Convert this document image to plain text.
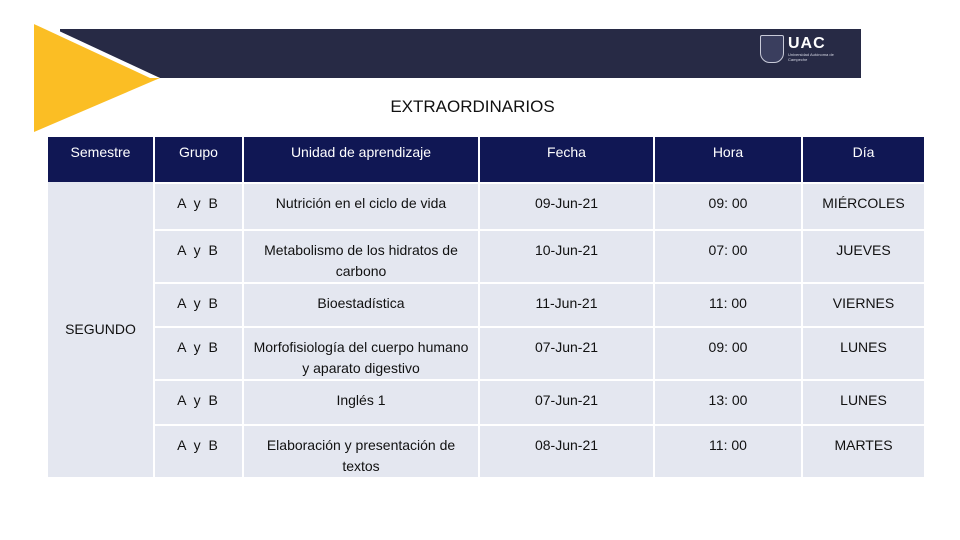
UAC
Universidad Autónoma de Campeche
EXTRAORDINARIOS
Semestre	Grupo	Unidad de aprendizaje	Fecha	Hora	Día
SEGUNDO	A y B	Nutrición en el ciclo de vida	09-Jun-21	09: 00	MIÉRCOLES
	A y B	Metabolismo de los hidratos de carbono	10-Jun-21	07: 00	JUEVES
	A y B	Bioestadística	11-Jun-21	11: 00	VIERNES
	A y B	Morfofisiología del cuerpo humano y aparato digestivo	07-Jun-21	09: 00	LUNES
	A y B	Inglés 1	07-Jun-21	13: 00	LUNES
	A y B	Elaboración y presentación de textos	08-Jun-21	11: 00	MARTES
